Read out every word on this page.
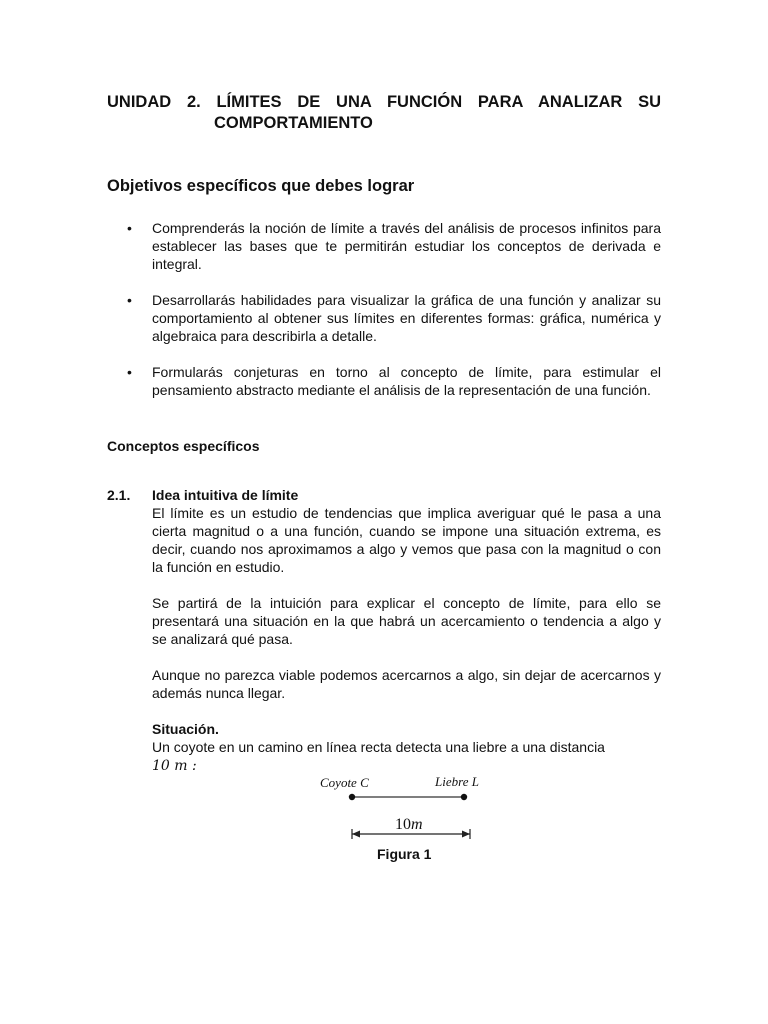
UNIDAD 2. LÍMITES DE UNA FUNCIÓN PARA ANALIZAR SU
COMPORTAMIENTO
Objetivos específicos que debes lograr
• Comprenderás la noción de límite a través del análisis de procesos infinitos para establecer las bases que te permitirán estudiar los conceptos de derivada e integral.
• Desarrollarás habilidades para visualizar la gráfica de una función y analizar su comportamiento al obtener sus límites en diferentes formas: gráfica, numérica y algebraica para describirla a detalle.
• Formularás conjeturas en torno al concepto de límite, para estimular el pensamiento abstracto mediante el análisis de la representación de una función.
Conceptos específicos
2.1. Idea intuitiva de límite

El límite es un estudio de tendencias que implica averiguar qué le pasa a una cierta magnitud o a una función, cuando se impone una situación extrema, es decir, cuando nos aproximamos a algo y vemos que pasa con la magnitud o con la función en estudio.

Se partirá de la intuición para explicar el concepto de límite, para ello se presentará una situación en la que habrá un acercamiento o tendencia a algo y se analizará qué pasa.

Aunque no parezca viable podemos acercarnos a algo, sin dejar de acercarnos y además nunca llegar.

Situación.

Un coyote en un camino en línea recta detecta una liebre a una distancia

10 m :

Coyote C	Liebre L
10m

Figura 1
